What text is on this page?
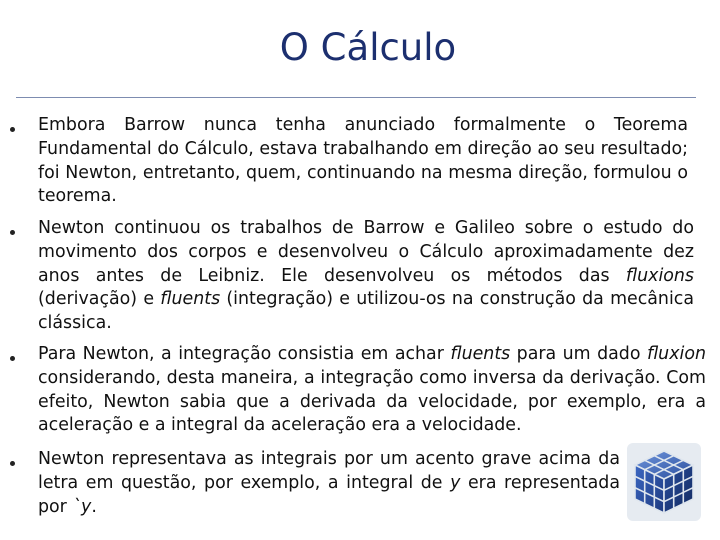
O Cálculo

Embora Barrow nunca tenha anunciado formalmente o Teorema Fundamental do Cálculo, estava trabalhando em direção ao seu resultado; foi Newton, entretanto, quem, continuando na mesma direção, formulou o teorema.

Newton continuou os trabalhos de Barrow e Galileo sobre o estudo do movimento dos corpos e desenvolveu o Cálculo aproximadamente dez anos antes de Leibniz. Ele desenvolveu os métodos das fluxions (derivação) e fluents (integração) e utilizou-os na construção da mecânica clássica.

Para Newton, a integração consistia em achar fluents para um dado fluxion considerando, desta maneira, a integração como inversa da derivação. Com efeito, Newton sabia que a derivada da velocidade, por exemplo, era a aceleração e a integral da aceleração era a velocidade.

Newton representava as integrais por um acento grave acima da letra em questão, por exemplo, a integral de y era representada por `y.
